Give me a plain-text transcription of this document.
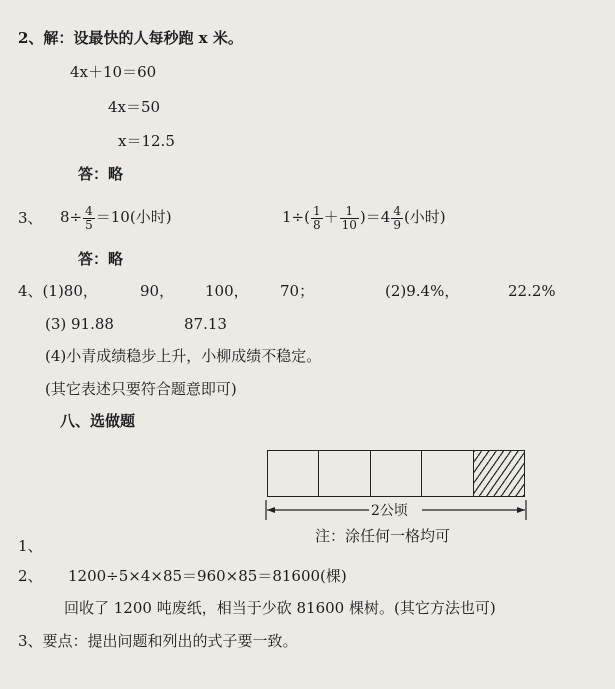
2、解：设最快的人每秒跑 x 米。
4x＋10＝60
4x＝50
x＝12.5
答：略
3、 $8\div \frac{4}{5} =10$(小时)	$1\div( \frac{1}{8} + \frac{1}{10} )=4 \frac{4}{9}$ (小时)
答：略
4、(1)80，	90， 100， 70；	(2)9.4%，	22.2%
(3) 91.88	87.13
(4)小青成绩稳步上升，小柳成绩不稳定。
(其它表述只要符合题意即可)
八、选做题
2公顷
注：涂任何一格均可
1、
2、 1200÷5×4×85＝960×85＝81600(棵)
回收了 1200 吨废纸，相当于少砍 81600 棵树。(其它方法也可)
3、要点：提出问题和列出的式子要一致。
